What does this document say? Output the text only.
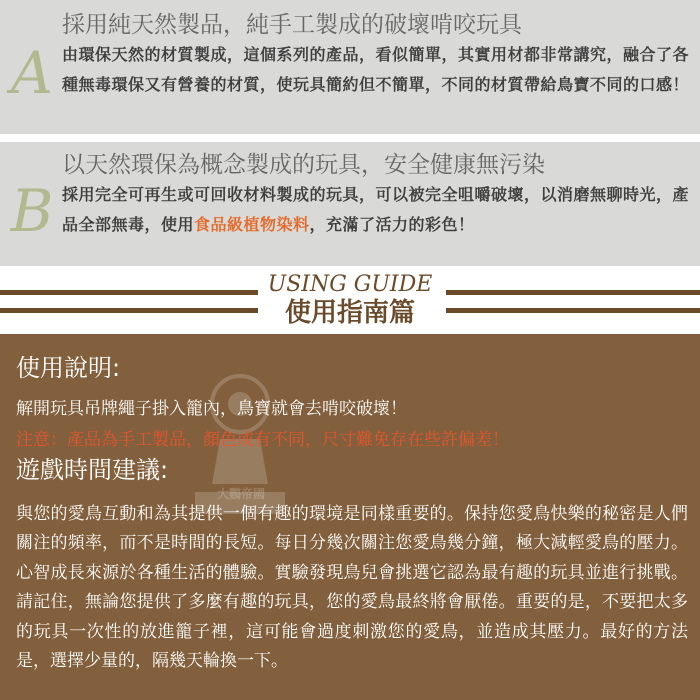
A
採用純天然製品，純手工製成的破壞啃咬玩具
由環保天然的材質製成，這個系列的產品，看似簡單，其實用材都非常講究，融合了各種無毒環保又有營養的材質，使玩具簡約但不簡單，不同的材質帶給鳥寶不同的口感！
B
以天然環保為概念製成的玩具，安全健康無污染
採用完全可再生或可回收材料製成的玩具，可以被完全咀嚼破壞，以消磨無聊時光，產品全部無毒，使用食品級植物染料，充滿了活力的彩色！
USING GUIDE
使用指南篇
大鸚帝國
使用說明:
解開玩具吊牌繩子掛入籠內，鳥寶就會去啃咬破壞！
注意：產品為手工製品，顏色或有不同，尺寸難免存在些許偏差！
遊戲時間建議:
與您的愛鳥互動和為其提供一個有趣的環境是同樣重要的。保持您愛鳥快樂的秘密是人們關注的頻率，而不是時間的長短。每日分幾次關注您愛鳥幾分鐘，極大減輕愛鳥的壓力。心智成長來源於各種生活的體驗。實驗發現鳥兒會挑選它認為最有趣的玩具並進行挑戰。請記住，無論您提供了多麼有趣的玩具，您的愛鳥最終將會厭倦。重要的是，不要把太多的玩具一次性的放進籠子裡，這可能會過度刺激您的愛鳥，並造成其壓力。最好的方法是，選擇少量的，隔幾天輪換一下。
